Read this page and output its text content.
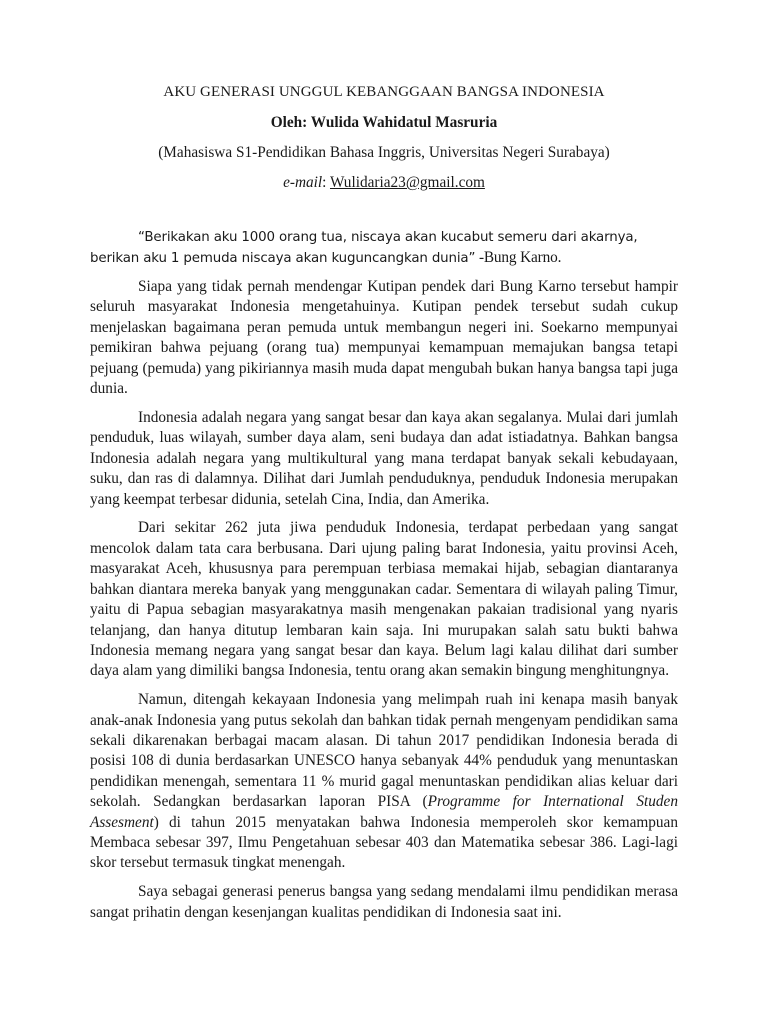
AKU GENERASI UNGGUL KEBANGGAAN BANGSA INDONESIA

Oleh: Wulida Wahidatul Masruria

(Mahasiswa S1-Pendidikan Bahasa Inggris, Universitas Negeri Surabaya)

e-mail: Wulidaria23@gmail.com

“Berikakan aku 1000 orang tua, niscaya akan kucabut semeru dari akarnya, berikan aku 1 pemuda niscaya akan kuguncangkan dunia” -Bung Karno.

Siapa yang tidak pernah mendengar Kutipan pendek dari Bung Karno tersebut hampir seluruh masyarakat Indonesia mengetahuinya. Kutipan pendek tersebut sudah cukup menjelaskan bagaimana peran pemuda untuk membangun negeri ini. Soekarno mempunyai pemikiran bahwa pejuang (orang tua) mempunyai kemampuan memajukan bangsa tetapi pejuang (pemuda) yang pikiriannya masih muda dapat mengubah bukan hanya bangsa tapi juga dunia.

Indonesia adalah negara yang sangat besar dan kaya akan segalanya. Mulai dari jumlah penduduk, luas wilayah, sumber daya alam, seni budaya dan adat istiadatnya. Bahkan bangsa Indonesia adalah negara yang multikultural yang mana terdapat banyak sekali kebudayaan, suku, dan ras di dalamnya. Dilihat dari Jumlah penduduknya, penduduk Indonesia merupakan yang keempat terbesar didunia, setelah Cina, India, dan Amerika.

Dari sekitar 262 juta jiwa penduduk Indonesia, terdapat perbedaan yang sangat mencolok dalam tata cara berbusana. Dari ujung paling barat Indonesia, yaitu provinsi Aceh, masyarakat Aceh, khususnya para perempuan terbiasa memakai hijab, sebagian diantaranya bahkan diantara mereka banyak yang menggunakan cadar. Sementara di wilayah paling Timur, yaitu di Papua sebagian masyarakatnya masih mengenakan pakaian tradisional yang nyaris telanjang, dan hanya ditutup lembaran kain saja. Ini murupakan salah satu bukti bahwa Indonesia memang negara yang sangat besar dan kaya. Belum lagi kalau dilihat dari sumber daya alam yang dimiliki bangsa Indonesia, tentu orang akan semakin bingung menghitungnya.

Namun, ditengah kekayaan Indonesia yang melimpah ruah ini kenapa masih banyak anak-anak Indonesia yang putus sekolah dan bahkan tidak pernah mengenyam pendidikan sama sekali dikarenakan berbagai macam alasan. Di tahun 2017 pendidikan Indonesia berada di posisi 108 di dunia berdasarkan UNESCO hanya sebanyak 44% penduduk yang menuntaskan pendidikan menengah, sementara 11 % murid gagal menuntaskan pendidikan alias keluar dari sekolah. Sedangkan berdasarkan laporan PISA (Programme for International Studen Assesment) di tahun 2015 menyatakan bahwa Indonesia memperoleh skor kemampuan Membaca sebesar 397, Ilmu Pengetahuan sebesar 403 dan Matematika sebesar 386. Lagi-lagi skor tersebut termasuk tingkat menengah.

Saya sebagai generasi penerus bangsa yang sedang mendalami ilmu pendidikan merasa sangat prihatin dengan kesenjangan kualitas pendidikan di Indonesia saat ini.
